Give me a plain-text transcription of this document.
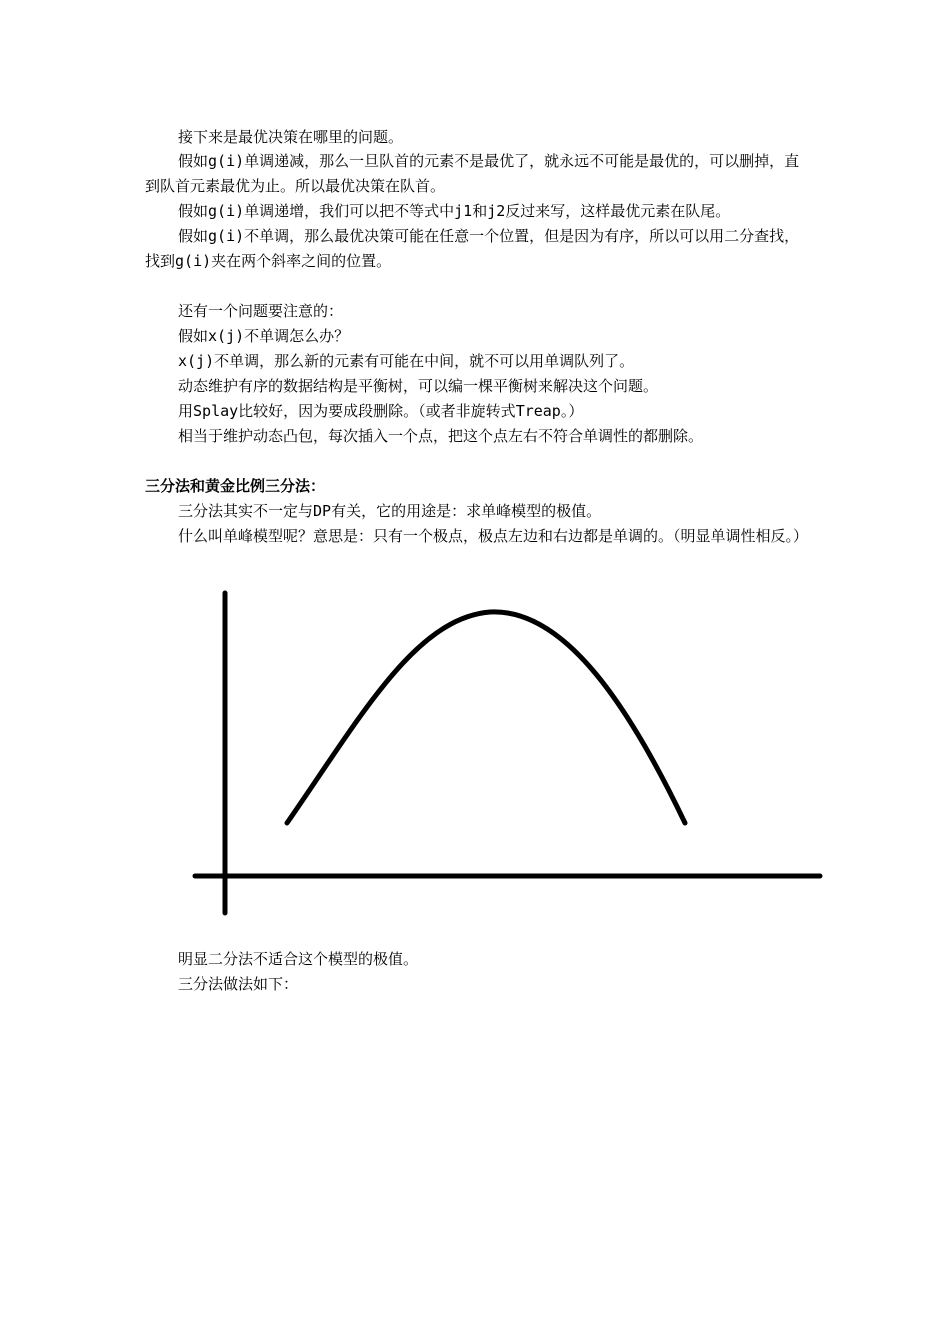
接下来是最优决策在哪里的问题。

假如g(i)单调递减，那么一旦队首的元素不是最优了，就永远不可能是最优的，可以删掉，直到队首元素最优为止。所以最优决策在队首。

假如g(i)单调递增，我们可以把不等式中j1和j2反过来写，这样最优元素在队尾。

假如g(i)不单调，那么最优决策可能在任意一个位置，但是因为有序，所以可以用二分查找，找到g(i)夹在两个斜率之间的位置。

还有一个问题要注意的：

假如x(j)不单调怎么办？

x(j)不单调，那么新的元素有可能在中间，就不可以用单调队列了。

动态维护有序的数据结构是平衡树，可以编一棵平衡树来解决这个问题。

用Splay比较好，因为要成段删除。（或者非旋转式Treap。）

相当于维护动态凸包，每次插入一个点，把这个点左右不符合单调性的都删除。

三分法和黄金比例三分法：

三分法其实不一定与DP有关，它的用途是：求单峰模型的极值。

什么叫单峰模型呢？意思是：只有一个极点，极点左边和右边都是单调的。（明显单调性相反。）

明显二分法不适合这个模型的极值。

三分法做法如下：
